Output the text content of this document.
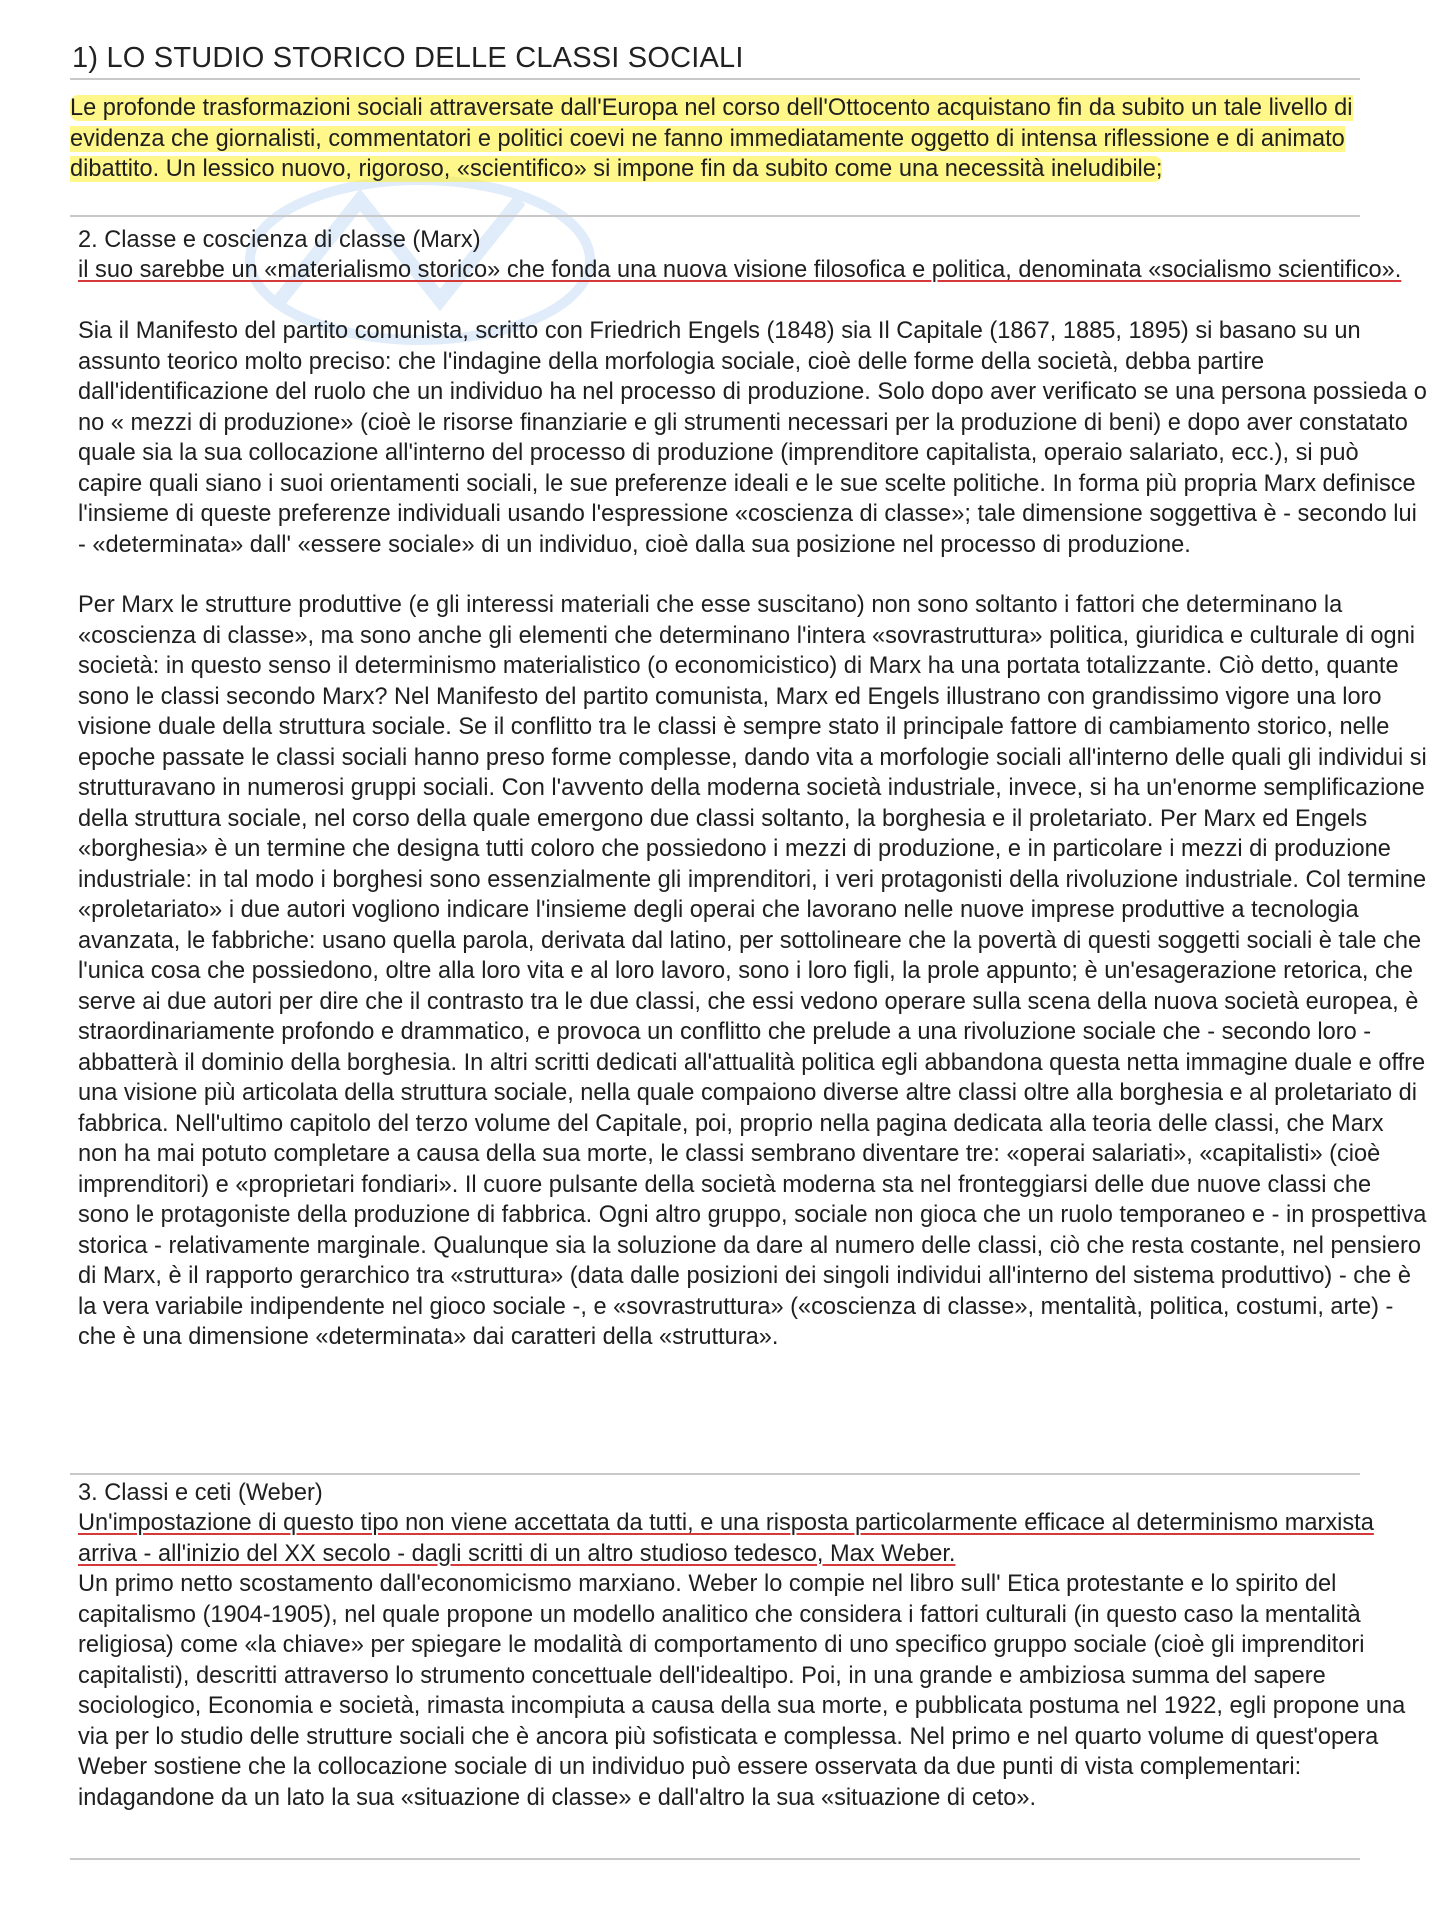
1) LO STUDIO STORICO DELLE CLASSI SOCIALI

Le profonde trasformazioni sociali attraversate dall'Europa nel corso dell'Ottocento acquistano fin da subito un tale livello di evidenza che giornalisti, commentatori e politici coevi ne fanno immediatamente oggetto di intensa riflessione e di animato dibattito. Un lessico nuovo, rigoroso, «scientifico» si impone fin da subito come una necessità ineludibile;

2. Classe e coscienza di classe (Marx)

il suo sarebbe un «materialismo storico» che fonda una nuova visione filosofica e politica, denominata «socialismo scientifico».

Sia il Manifesto del partito comunista, scritto con Friedrich Engels (1848) sia Il Capitale (1867, 1885, 1895) si basano su un assunto teorico molto preciso: che l'indagine della morfologia sociale, cioè delle forme della società, debba partire dall'identificazione del ruolo che un individuo ha nel processo di produzione. Solo dopo aver verificato se una persona possieda o no « mezzi di produzione» (cioè le risorse finanziarie e gli strumenti necessari per la produzione di beni) e dopo aver constatato quale sia la sua collocazione all'interno del processo di produzione (imprenditore capitalista, operaio salariato, ecc.), si può capire quali siano i suoi orientamenti sociali, le sue preferenze ideali e le sue scelte politiche. In forma più propria Marx definisce l'insieme di queste preferenze individuali usando l'espressione «coscienza di classe»; tale dimensione soggettiva è - secondo lui - «determinata» dall' «essere sociale» di un individuo, cioè dalla sua posizione nel processo di produzione.

Per Marx le strutture produttive (e gli interessi materiali che esse suscitano) non sono soltanto i fattori che determinano la «coscienza di classe», ma sono anche gli elementi che determinano l'intera «sovrastruttura» politica, giuridica e culturale di ogni società: in questo senso il determinismo materialistico (o economicistico) di Marx ha una portata totalizzante. Ciò detto, quante sono le classi secondo Marx? Nel Manifesto del partito comunista, Marx ed Engels illustrano con grandissimo vigore una loro visione duale della struttura sociale. Se il conflitto tra le classi è sempre stato il principale fattore di cambiamento storico, nelle epoche passate le classi sociali hanno preso forme complesse, dando vita a morfologie sociali all'interno delle quali gli individui si strutturavano in numerosi gruppi sociali. Con l'avvento della moderna società industriale, invece, si ha un'enorme semplificazione della struttura sociale, nel corso della quale emergono due classi soltanto, la borghesia e il proletariato. Per Marx ed Engels «borghesia» è un termine che designa tutti coloro che possiedono i mezzi di produzione, e in particolare i mezzi di produzione industriale: in tal modo i borghesi sono essenzialmente gli imprenditori, i veri protagonisti della rivoluzione industriale. Col termine «proletariato» i due autori vogliono indicare l'insieme degli operai che lavorano nelle nuove imprese produttive a tecnologia avanzata, le fabbriche: usano quella parola, derivata dal latino, per sottolineare che la povertà di questi soggetti sociali è tale che l'unica cosa che possiedono, oltre alla loro vita e al loro lavoro, sono i loro figli, la prole appunto; è un'esagerazione retorica, che serve ai due autori per dire che il contrasto tra le due classi, che essi vedono operare sulla scena della nuova società europea, è straordinariamente profondo e drammatico, e provoca un conflitto che prelude a una rivoluzione sociale che - secondo loro - abbatterà il dominio della borghesia. In altri scritti dedicati all'attualità politica egli abbandona questa netta immagine duale e offre una visione più articolata della struttura sociale, nella quale compaiono diverse altre classi oltre alla borghesia e al proletariato di fabbrica. Nell'ultimo capitolo del terzo volume del Capitale, poi, proprio nella pagina dedicata alla teoria delle classi, che Marx non ha mai potuto completare a causa della sua morte, le classi sembrano diventare tre: «operai salariati», «capitalisti» (cioè imprenditori) e «proprietari fondiari». Il cuore pulsante della società moderna sta nel fronteggiarsi delle due nuove classi che sono le protagoniste della produzione di fabbrica. Ogni altro gruppo, sociale non gioca che un ruolo temporaneo e - in prospettiva storica - relativamente marginale. Qualunque sia la soluzione da dare al numero delle classi, ciò che resta costante, nel pensiero di Marx, è il rapporto gerarchico tra «struttura» (data dalle posizioni dei singoli individui all'interno del sistema produttivo) - che è la vera variabile indipendente nel gioco sociale -, e «sovrastruttura» («coscienza di classe», mentalità, politica, costumi, arte) - che è una dimensione «determinata» dai caratteri della «struttura».

3. Classi e ceti (Weber)

Un'impostazione di questo tipo non viene accettata da tutti, e una risposta particolarmente efficace al determinismo marxista arriva - all'inizio del XX secolo - dagli scritti di un altro studioso tedesco, Max Weber.

Un primo netto scostamento dall'economicismo marxiano. Weber lo compie nel libro sull' Etica protestante e lo spirito del capitalismo (1904-1905), nel quale propone un modello analitico che considera i fattori culturali (in questo caso la mentalità religiosa) come «la chiave» per spiegare le modalità di comportamento di uno specifico gruppo sociale (cioè gli imprenditori capitalisti), descritti attraverso lo strumento concettuale dell'idealtipo. Poi, in una grande e ambiziosa summa del sapere sociologico, Economia e società, rimasta incompiuta a causa della sua morte, e pubblicata postuma nel 1922, egli propone una via per lo studio delle strutture sociali che è ancora più sofisticata e complessa. Nel primo e nel quarto volume di quest'opera Weber sostiene che la collocazione sociale di un individuo può essere osservata da due punti di vista complementari: indagandone da un lato la sua «situazione di classe» e dall'altro la sua «situazione di ceto».
